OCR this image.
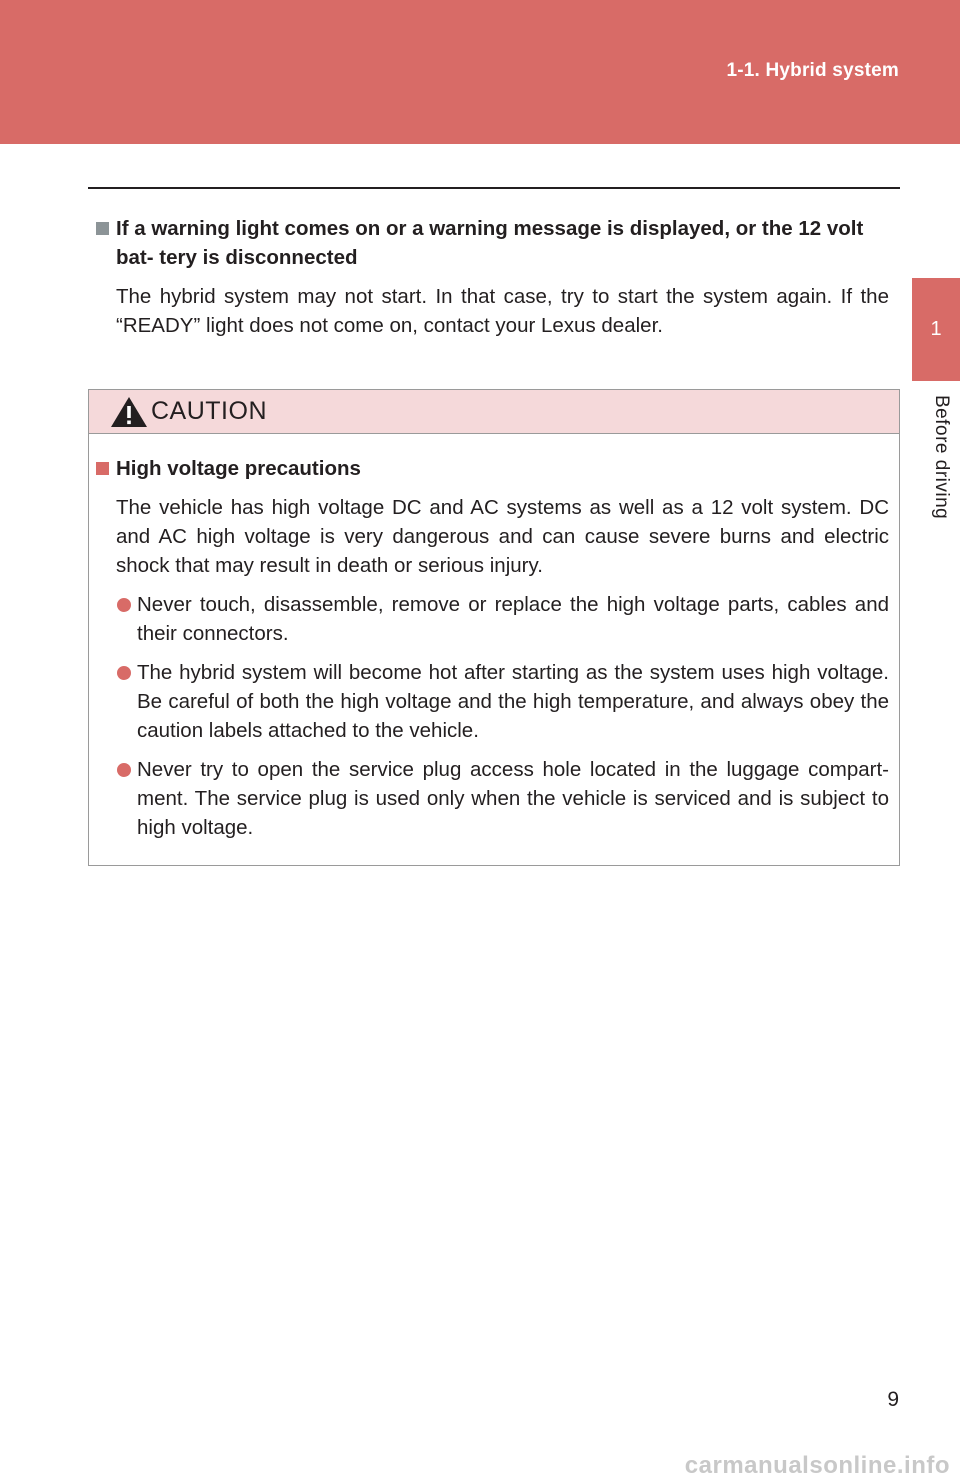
1-1. Hybrid system
1
Before driving
If a warning light comes on or a warning message is displayed, or the 12 volt bat- tery is disconnected
The hybrid system may not start. In that case, try to start the system again. If the “READY” light does not come on, contact your Lexus dealer.
CAUTION
High voltage precautions
The vehicle has high voltage DC and AC systems as well as a 12 volt system. DC and AC high voltage is very dangerous and can cause severe burns and electric shock that may result in death or serious injury.
Never touch, disassemble, remove or replace the high voltage parts, cables and their connectors.
The hybrid system will become hot after starting as the system uses high voltage. Be careful of both the high voltage and the high temperature, and always obey the caution labels attached to the vehicle.
Never try to open the service plug access hole located in the luggage compart- ment. The service plug is used only when the vehicle is serviced and is subject to high voltage.
9
carmanualsonline.info
